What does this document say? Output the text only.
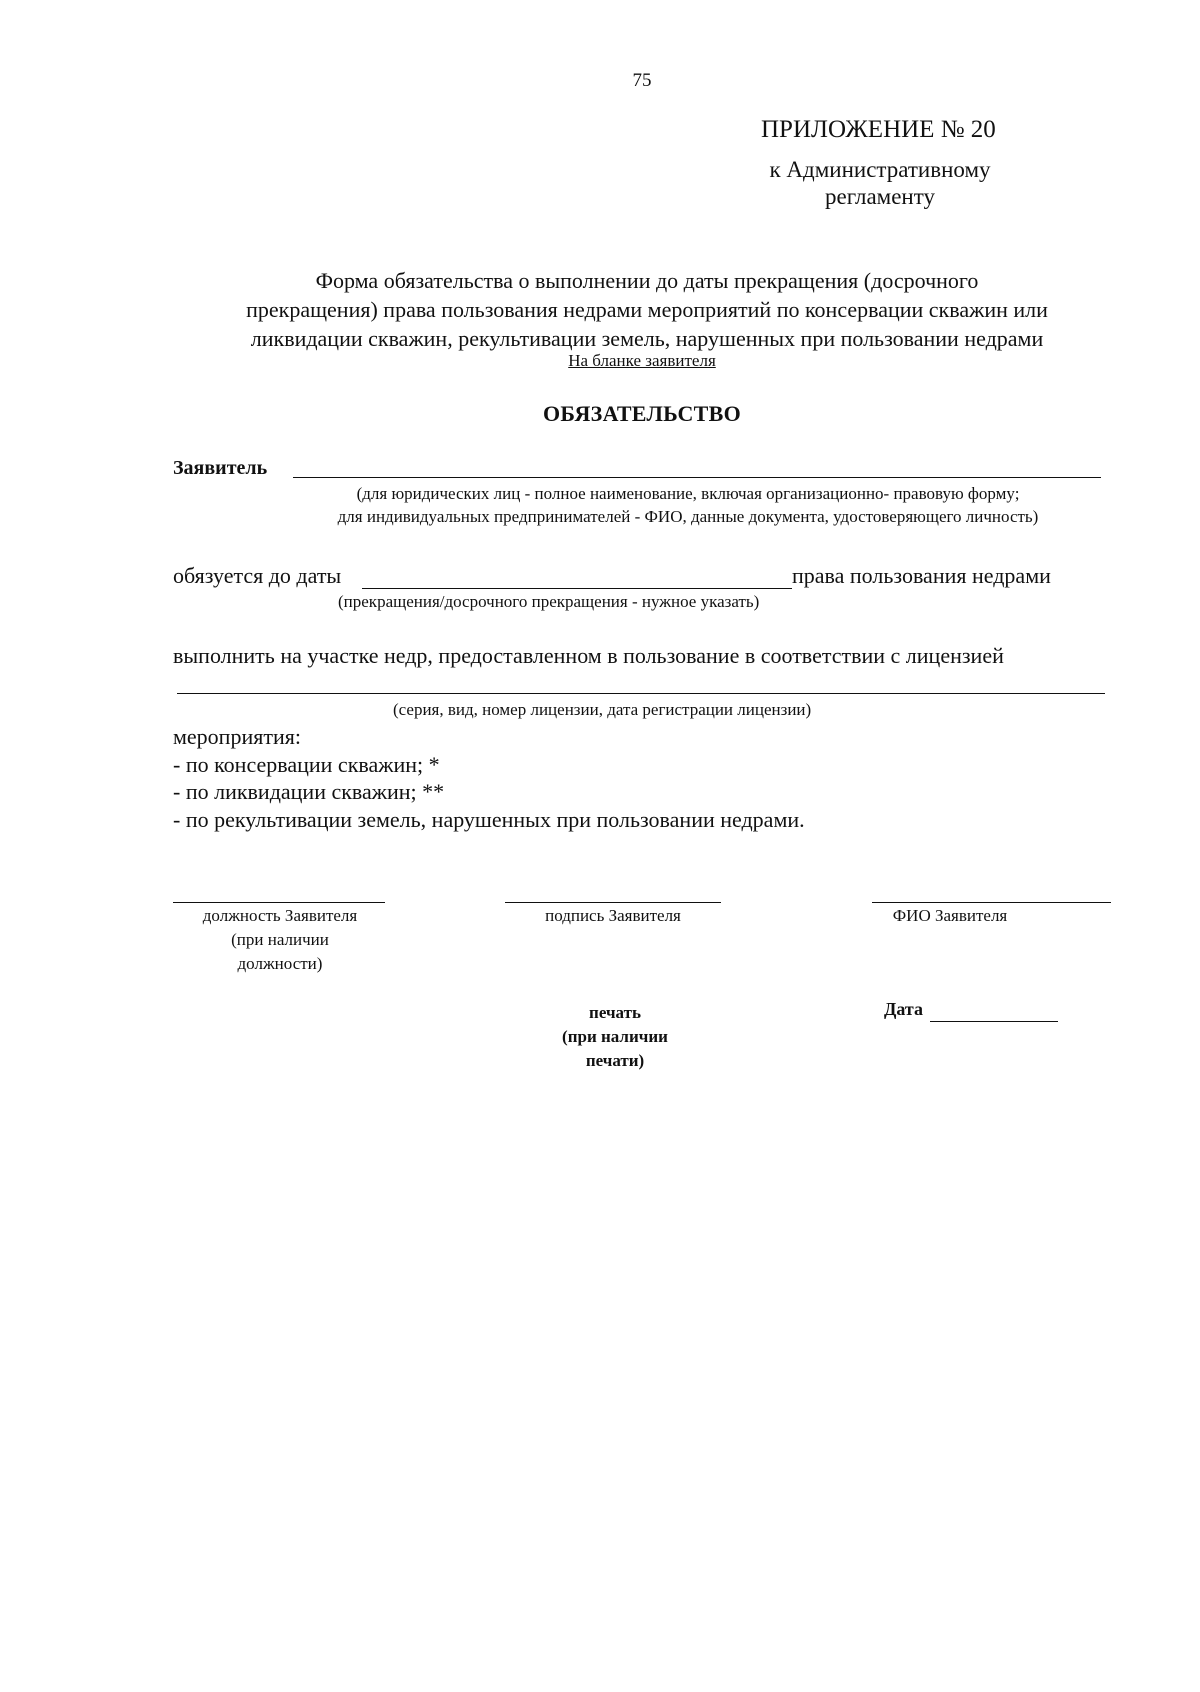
75
ПРИЛОЖЕНИЕ № 20
к Административному
регламенту
Форма обязательства о выполнении до даты прекращения (досрочного
прекращения) права пользования недрами мероприятий по консервации скважин или
ликвидации скважин, рекультивации земель, нарушенных при пользовании недрами
На бланке заявителя
ОБЯЗАТЕЛЬСТВО
Заявитель
(для юридических лиц - полное наименование, включая организационно- правовую форму;
для индивидуальных предпринимателей - ФИО, данные документа, удостоверяющего личность)
обязуется до даты	права пользования недрами
(прекращения/досрочного прекращения - нужное указать)
выполнить на участке недр, предоставленном в пользование в соответствии с лицензией
(серия, вид, номер лицензии, дата регистрации лицензии)
мероприятия:
- по консервации скважин; *
- по ликвидации скважин; **
- по рекультивации земель, нарушенных при пользовании недрами.
должность Заявителя
(при наличии
должности)
подпись Заявителя	ФИО Заявителя
печать
(при наличии
печати)
Дата
